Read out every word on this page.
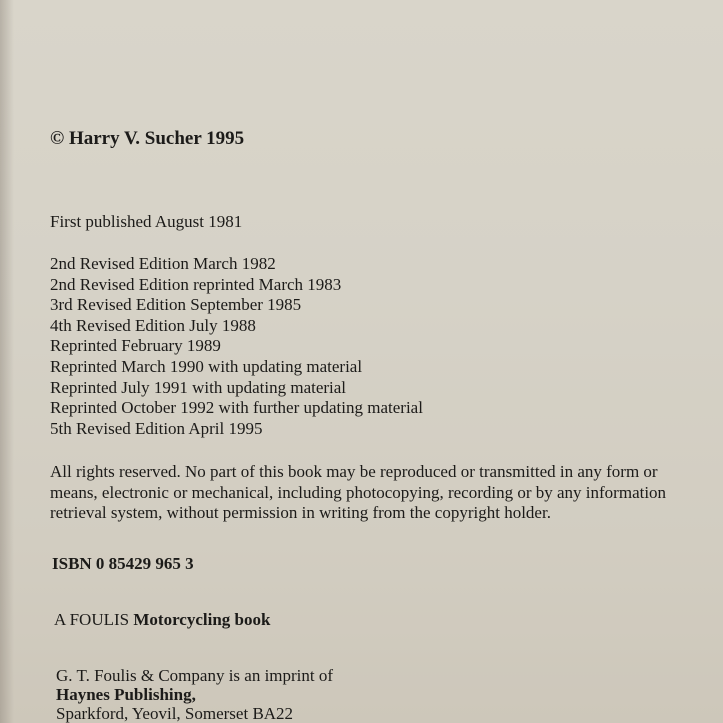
© Harry V. Sucher 1995

First published August 1981

2nd Revised Edition March 1982
2nd Revised Edition reprinted March 1983
3rd Revised Edition September 1985
4th Revised Edition July 1988
Reprinted February 1989
Reprinted March 1990 with updating material
Reprinted July 1991 with updating material
Reprinted October 1992 with further updating material
5th Revised Edition April 1995

All rights reserved. No part of this book may be reproduced or transmitted in any form or
means, electronic or mechanical, including photocopying, recording or by any information
retrieval system, without permission in writing from the copyright holder.

ISBN 0 85429 965 3

A FOULIS Motorcycling book

G. T. Foulis & Company is an imprint of
Haynes Publishing,
Sparkford, Yeovil, Somerset BA22
